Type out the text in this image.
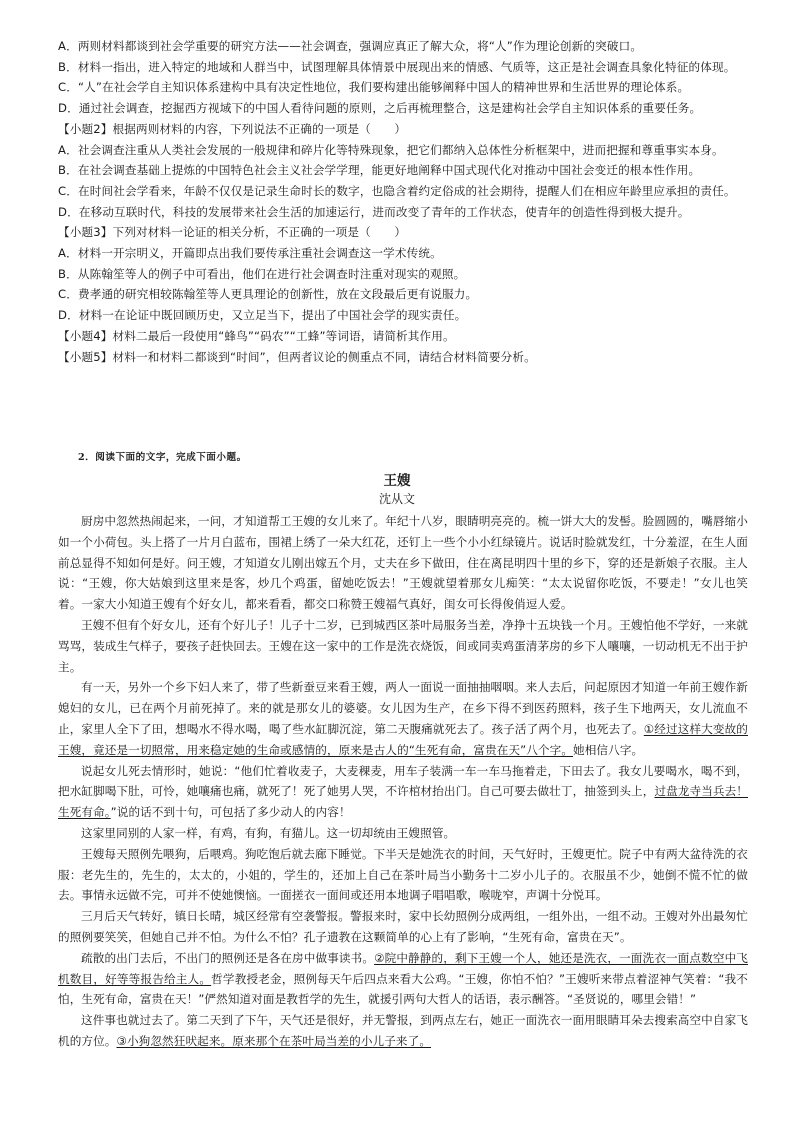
A．两则材料都谈到社会学重要的研究方法——社会调查，强调应真正了解大众，将“人”作为理论创新的突破口。
B．材料一指出，进入特定的地域和人群当中，试图理解具体情景中展现出来的情感、气质等，这正是社会调查具象化特征的体现。
C．“人”在社会学自主知识体系建构中具有决定性地位，我们要构建出能够阐释中国人的精神世界和生活世界的理论体系。
D．通过社会调查，挖掘西方视域下的中国人看待问题的原则，之后再梳理整合，这是建构社会学自主知识体系的重要任务。
【小题2】根据两则材料的内容，下列说法不正确的一项是（　　）
A．社会调查注重从人类社会发展的一般规律和碎片化等特殊现象，把它们都纳入总体性分析框架中，进而把握和尊重事实本身。
B．在社会调查基础上提炼的中国特色社会主义社会学学理，能更好地阐释中国式现代化对推动中国社会变迁的根本性作用。
C．在时间社会学看来，年龄不仅仅是记录生命时长的数字，也隐含着约定俗成的社会期待，提醒人们在相应年龄里应承担的责任。
D．在移动互联时代，科技的发展带来社会生活的加速运行，进而改变了青年的工作状态，使青年的创造性得到极大提升。
【小题3】下列对材料一论证的相关分析，不正确的一项是（　　）
A．材料一开宗明义，开篇即点出我们要传承注重社会调查这一学术传统。
B．从陈翰笙等人的例子中可看出，他们在进行社会调查时注重对现实的观照。
C．费孝通的研究相较陈翰笙等人更具理论的创新性，放在文段最后更有说服力。
D．材料一在论证中既回顾历史，又立足当下，提出了中国社会学的现实责任。
【小题4】材料二最后一段使用“蜂鸟”“码农”“工蜂”等词语，请简析其作用。
【小题5】材料一和材料二都谈到“时间”，但两者议论的侧重点不同，请结合材料简要分析。
2．阅读下面的文字，完成下面小题。
王嫂
沈从文

厨房中忽然热闹起来，一问，才知道帮工王嫂的女儿来了。年纪十八岁，眼睛明亮亮的。梳一饼大大的发髻。脸圆圆的，嘴唇缩小如一个小荷包。头上搭了一片月白蓝布，围裙上绣了一朵大红花，还钉上一些个小小红绿镜片。说话时脸就发红，十分羞涩，在生人面前总显得不知如何是好。问王嫂，才知道女儿刚出嫁五个月，丈夫在乡下做田，住在离昆明四十里的乡下，穿的还是新娘子衣服。主人说：“王嫂，你大姑娘到这里来是客，炒几个鸡蛋，留她吃饭去！”王嫂就望着那女儿痴笑：“太太说留你吃饭，不要走！”女儿也笑着。一家大小知道王嫂有个好女儿，都来看看，都交口称赞王嫂福气真好，闺女可长得俊俏逗人爱。

王嫂不但有个好女儿，还有个好儿子！儿子十二岁，已到城西区茶叶局服务当差，净挣十五块钱一个月。王嫂怕他不学好，一来就骂骂，装成生气样子，要孩子赶快回去。王嫂在这一家中的工作是洗衣烧饭，间或同卖鸡蛋清茅房的乡下人嚷嚷，一切动机无不出于护主。

有一天，另外一个乡下妇人来了，带了些新蚕豆来看王嫂，两人一面说一面抽抽咽咽。来人去后，问起原因才知道一年前王嫂作新媳妇的女儿，已在两个月前死掉了。来的就是那女儿的婆婆。女儿因为生产，在乡下得不到医药照料，孩子生下地两天，女儿流血不止，家里人全下了田，想喝水不得水喝，喝了些水缸脚沉淀，第二天腹痛就死去了。孩子活了两个月，也死去了。①经过这样大变故的王嫂，竟还是一切照常，用来稳定她的生命或感情的，原来是古人的“生死有命，富贵在天”八个字。她相信八字。

说起女儿死去情形时，她说：“他们忙着收麦子，大麦稞麦，用车子装满一车一车马拖着走，下田去了。我女儿要喝水，喝不到，把水缸脚喝下肚，可怜，她嚷痛也痛，就死了！死了她男人哭，不许棺材抬出门。自己可要去做壮丁，抽签到头上，过盘龙寺当兵去！生死有命。”说的话不到十句，可包括了多少动人的内容！

这家里同别的人家一样，有鸡，有狗，有猫儿。这一切却统由王嫂照管。

王嫂每天照例先喂狗，后喂鸡。狗吃饱后就去廊下睡觉。下半天是她洗衣的时间，天气好时，王嫂更忙。院子中有两大盆待洗的衣服：老先生的，先生的，太太的，小姐的，学生的，还加上自己在茶叶局当小勤务十二岁小儿子的。衣服虽不少，她倒不慌不忙的做去。事情永远做不完，可并不使她懊恼。一面搓衣一面间或还用本地调子唱唱歌，喉咙窄，声调十分悦耳。

三月后天气转好，镇日长晴，城区经常有空袭警报。警报来时，家中长幼照例分成两组，一组外出，一组不动。王嫂对外出最匆忙的照例要笑笑，但她自己并不怕。为什么不怕？孔子遗教在这颗简单的心上有了影响，“生死有命，富贵在天”。

疏散的出门去后，不出门的照例还是各在房中做事读书。②院中静静的，剩下王嫂一个人，她还是洗衣，一面洗衣一面点数空中飞机数目，好等等报告给主人。哲学教授老金，照例每天午后四点来看大公鸡。“王嫂，你怕不怕？”王嫂听来带点着涩神气笑着：“我不怕，生死有命，富贵在天！”俨然知道对面是教哲学的先生，就援引两句大哲人的话语，表示酬答。“圣贤说的，哪里会错！”

这件事也就过去了。第二天到了下午，天气还是很好，并无警报，到两点左右，她正一面洗衣一面用眼睛耳朵去搜索高空中自家飞机的方位。③小狗忽然狂吠起来。原来那个在茶叶局当差的小儿子来了。
